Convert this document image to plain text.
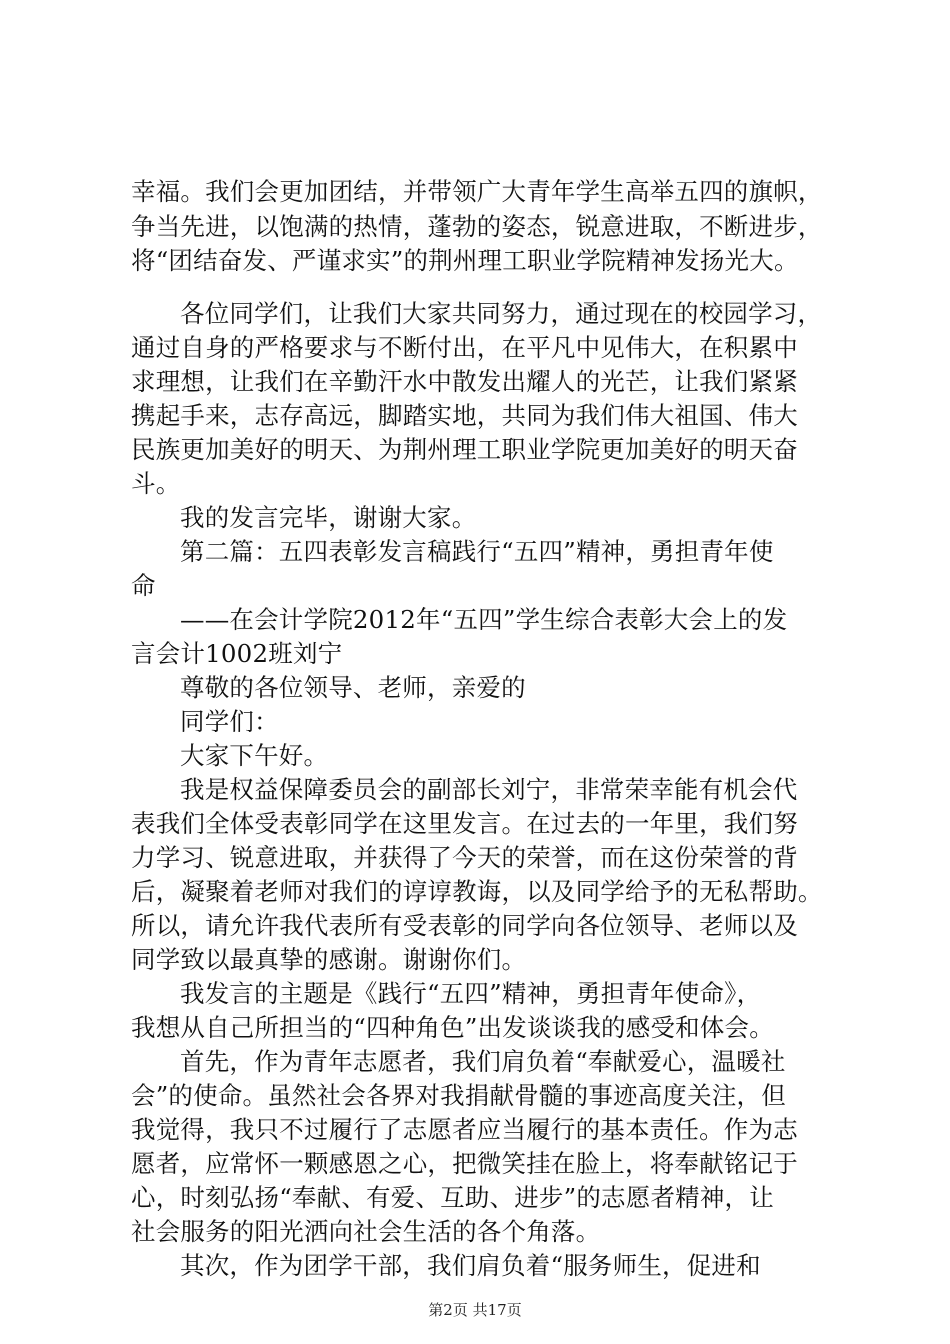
幸福。我们会更加团结，并带领广大青年学生高举五四的旗帜，
争当先进，以饱满的热情，蓬勃的姿态，锐意进取，不断进步，
将“团结奋发、严谨求实”的荆州理工职业学院精神发扬光大。
各位同学们，让我们大家共同努力，通过现在的校园学习，
通过自身的严格要求与不断付出，在平凡中见伟大，在积累中
求理想，让我们在辛勤汗水中散发出耀人的光芒，让我们紧紧
携起手来，志存高远，脚踏实地，共同为我们伟大祖国、伟大
民族更加美好的明天、为荆州理工职业学院更加美好的明天奋
斗。
我的发言完毕，谢谢大家。
第二篇：五四表彰发言稿践行“五四”精神，勇担青年使
命
——在会计学院2012年“五四”学生综合表彰大会上的发
言会计1002班刘宁
尊敬的各位领导、老师，亲爱的
同学们：
大家下午好。
我是权益保障委员会的副部长刘宁，非常荣幸能有机会代
表我们全体受表彰同学在这里发言。在过去的一年里，我们努
力学习、锐意进取，并获得了今天的荣誉，而在这份荣誉的背
后，凝聚着老师对我们的谆谆教诲，以及同学给予的无私帮助。
所以，请允许我代表所有受表彰的同学向各位领导、老师以及
同学致以最真挚的感谢。谢谢你们。
我发言的主题是《践行“五四”精神，勇担青年使命》，
我想从自己所担当的“四种角色”出发谈谈我的感受和体会。
首先，作为青年志愿者，我们肩负着“奉献爱心，温暖社
会”的使命。虽然社会各界对我捐献骨髓的事迹高度关注，但
我觉得，我只不过履行了志愿者应当履行的基本责任。作为志
愿者，应常怀一颗感恩之心，把微笑挂在脸上，将奉献铭记于
心，时刻弘扬“奉献、有爱、互助、进步”的志愿者精神，让
社会服务的阳光洒向社会生活的各个角落。
其次，作为团学干部，我们肩负着“服务师生，促进和
第2页 共17页
